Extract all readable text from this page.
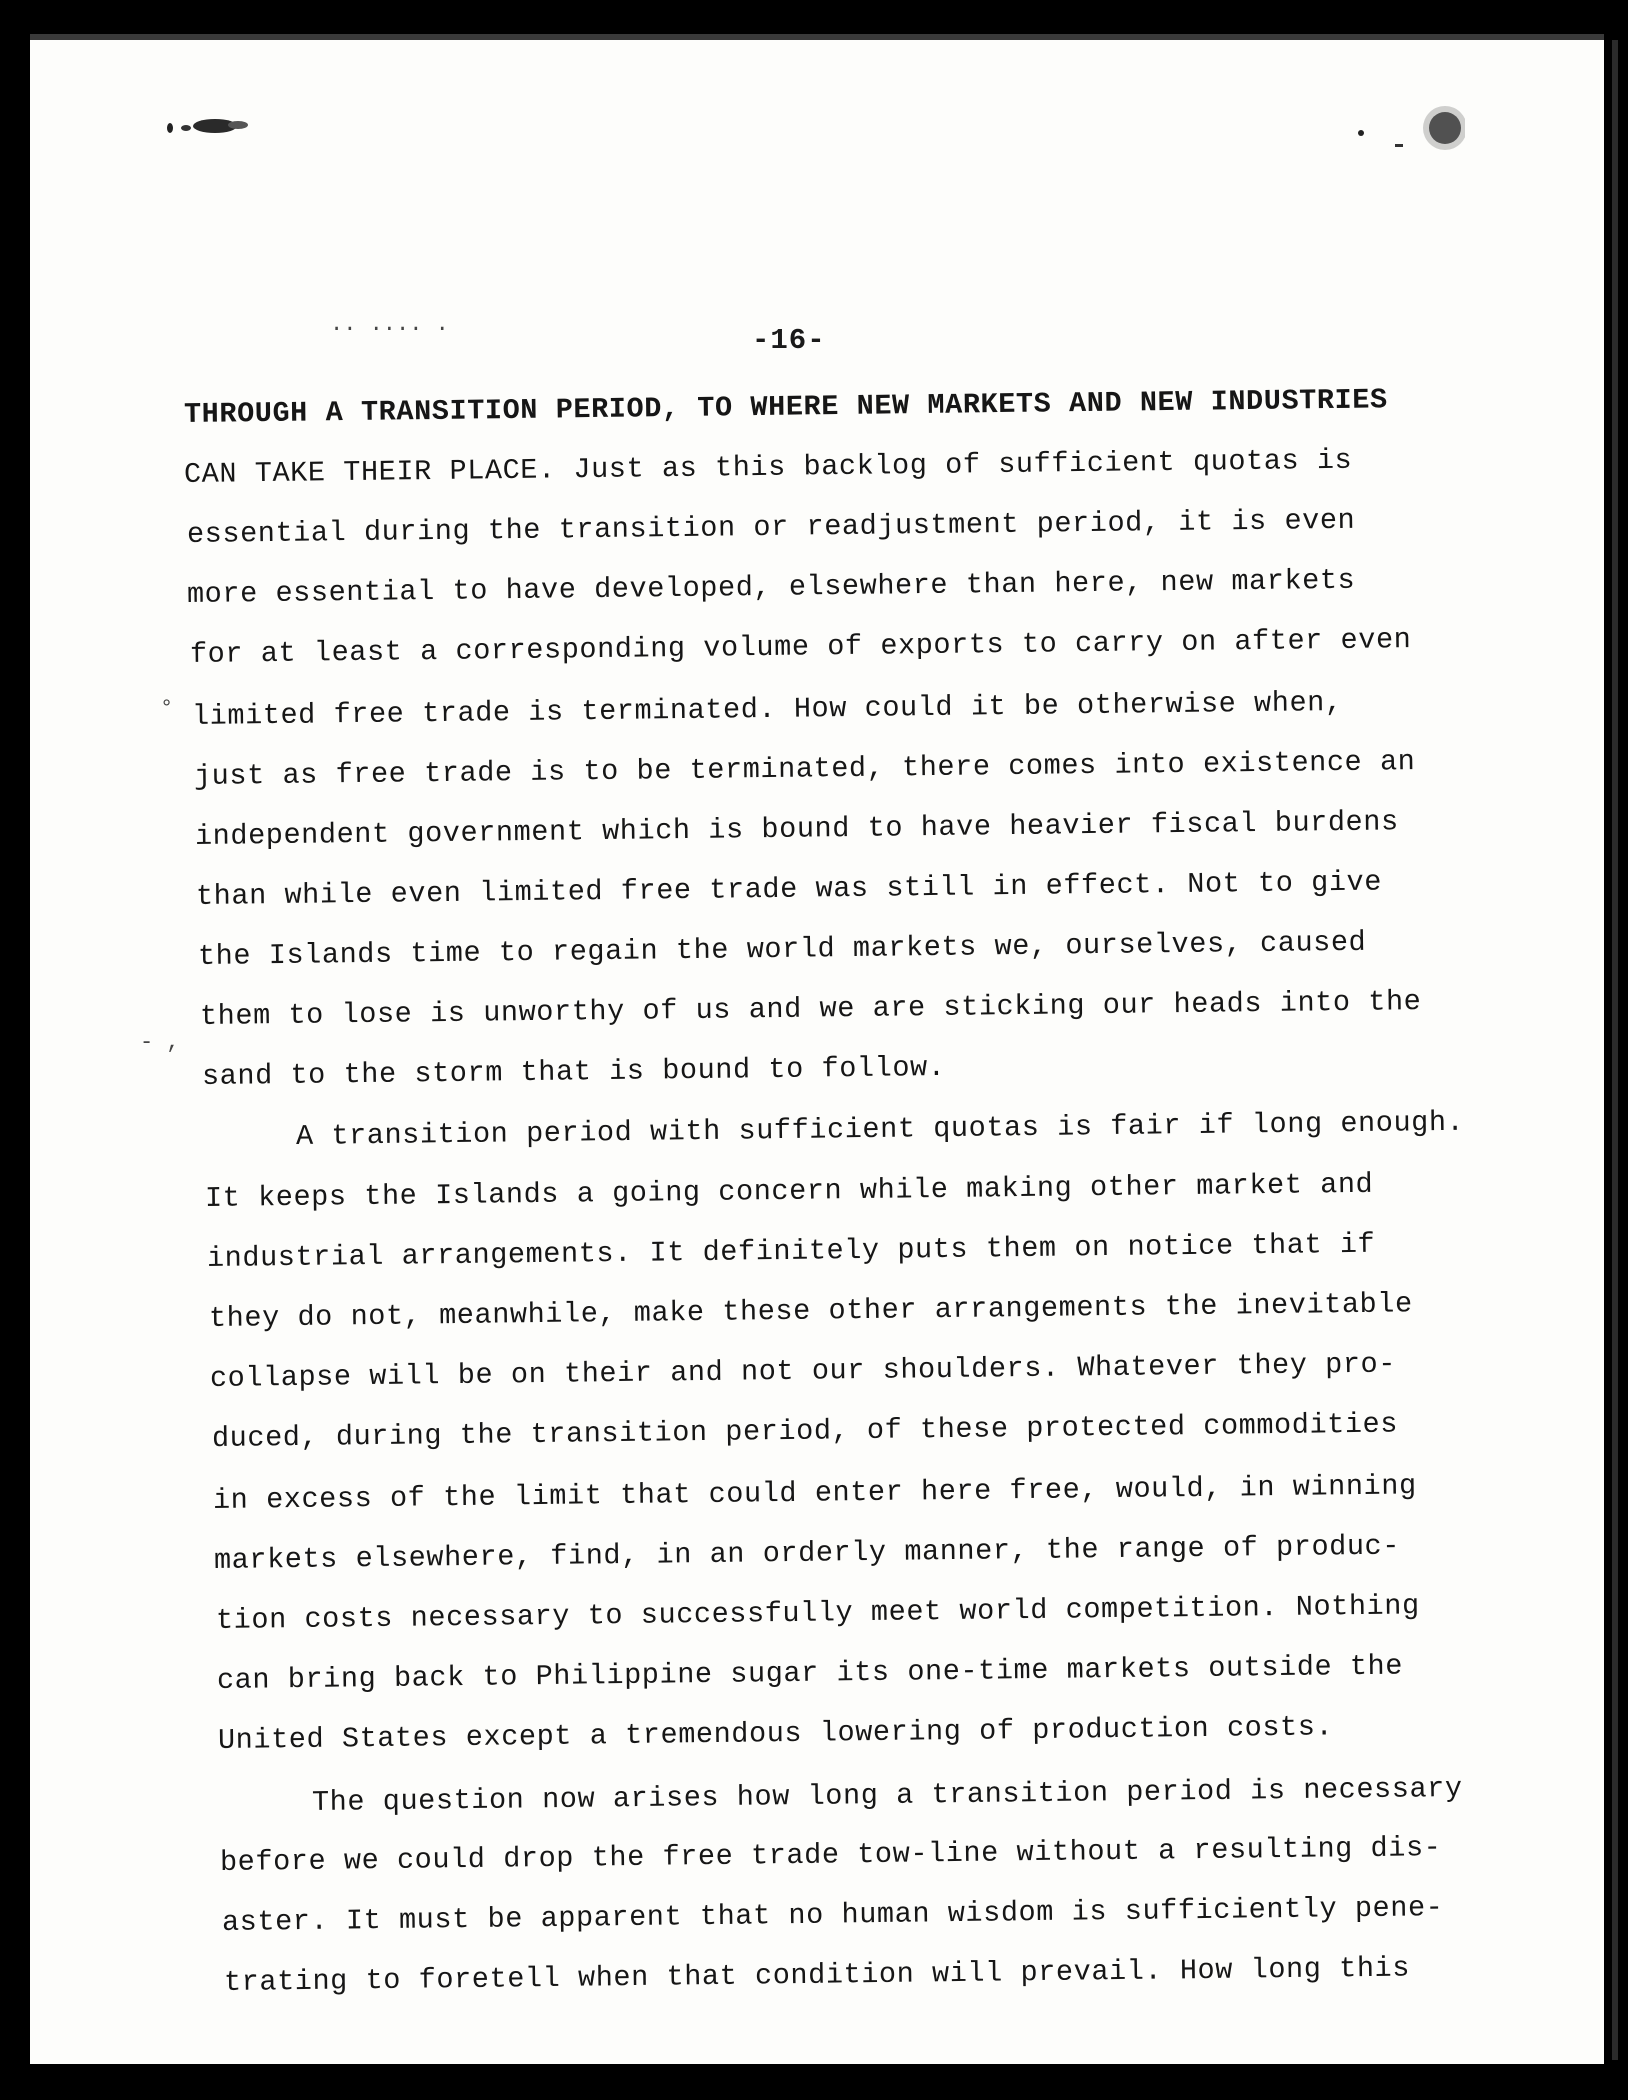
.. .... .
°
- ,
-16-
THROUGH A TRANSITION PERIOD, TO WHERE NEW MARKETS AND NEW INDUSTRIES
CAN TAKE THEIR PLACE. Just as this backlog of sufficient quotas is
essential during the transition or readjustment period, it is even
more essential to have developed, elsewhere than here, new markets
for at least a corresponding volume of exports to carry on after even
limited free trade is terminated. How could it be otherwise when,
just as free trade is to be terminated, there comes into existence an
independent government which is bound to have heavier fiscal burdens
than while even limited free trade was still in effect. Not to give
the Islands time to regain the world markets we, ourselves, caused
them to lose is unworthy of us and we are sticking our heads into the
sand to the storm that is bound to follow.
A transition period with sufficient quotas is fair if long enough.
It keeps the Islands a going concern while making other market and
industrial arrangements. It definitely puts them on notice that if
they do not, meanwhile, make these other arrangements the inevitable
collapse will be on their and not our shoulders. Whatever they pro-
duced, during the transition period, of these protected commodities
in excess of the limit that could enter here free, would, in winning
markets elsewhere, find, in an orderly manner, the range of produc-
tion costs necessary to successfully meet world competition. Nothing
can bring back to Philippine sugar its one-time markets outside the
United States except a tremendous lowering of production costs.
The question now arises how long a transition period is necessary
before we could drop the free trade tow-line without a resulting dis-
aster. It must be apparent that no human wisdom is sufficiently pene-
trating to foretell when that condition will prevail. How long this
